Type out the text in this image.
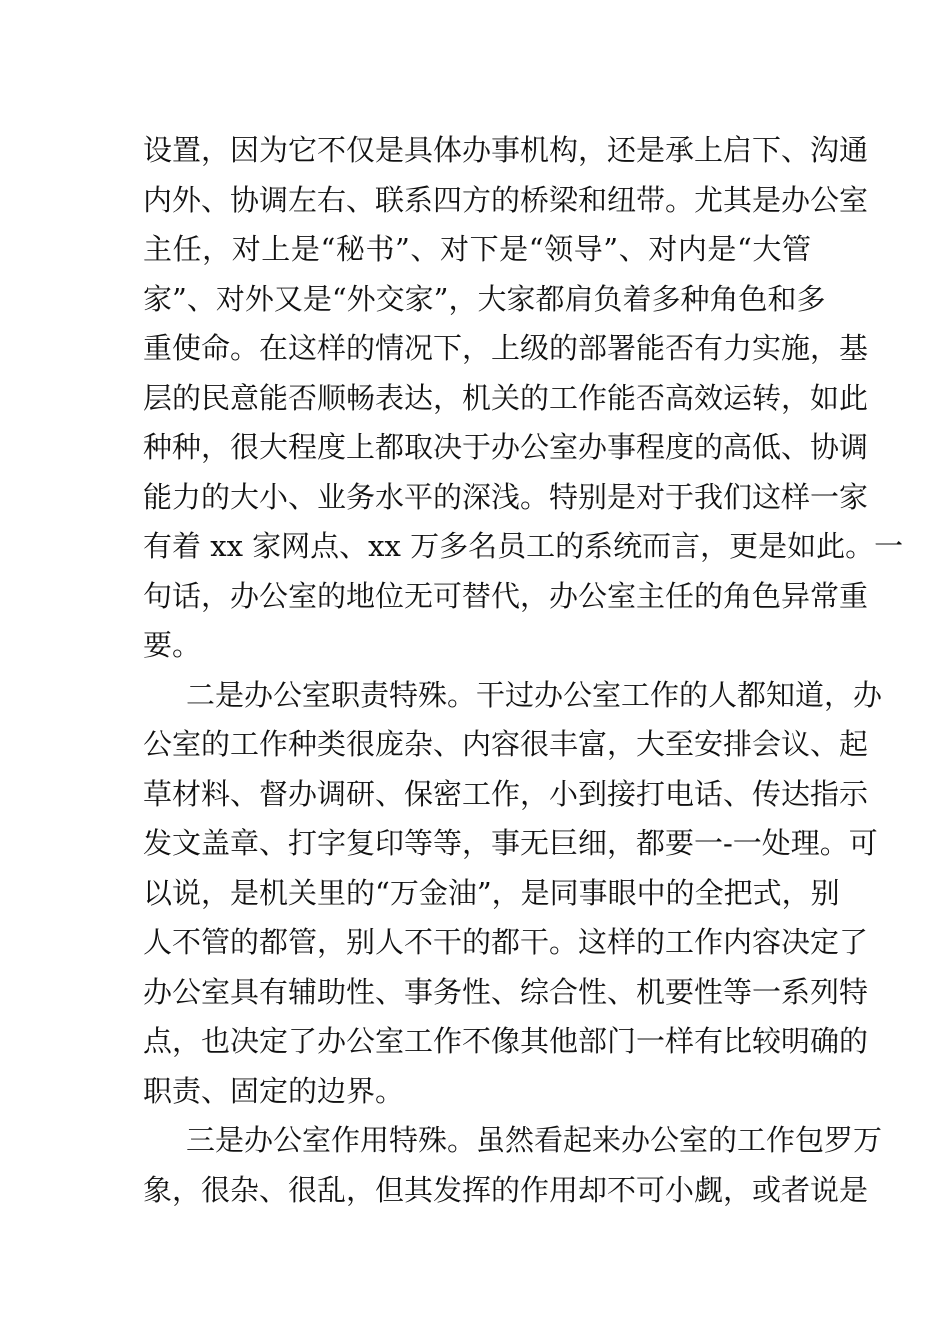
设置，因为它不仅是具体办事机构，还是承上启下、沟通
内外、协调左右、联系四方的桥梁和纽带。尤其是办公室
主任，对上是“秘书”、对下是“领导”、对内是“大管
家”、对外又是“外交家”，大家都肩负着多种角色和多
重使命。在这样的情况下，上级的部署能否有力实施，基
层的民意能否顺畅表达，机关的工作能否高效运转，如此
种种，很大程度上都取决于办公室办事程度的高低、协调
能力的大小、业务水平的深浅。特别是对于我们这样一家
有着 xx 家网点、xx 万多名员工的系统而言，更是如此。一
句话，办公室的地位无可替代，办公室主任的角色异常重
要。
二是办公室职责特殊。干过办公室工作的人都知道，办
公室的工作种类很庞杂、内容很丰富，大至安排会议、起
草材料、督办调研、保密工作，小到接打电话、传达指示
发文盖章、打字复印等等，事无巨细，都要一-一处理。可
以说，是机关里的“万金油”，是同事眼中的全把式，别
人不管的都管，别人不干的都干。这样的工作内容决定了
办公室具有辅助性、事务性、综合性、机要性等一系列特
点，也决定了办公室工作不像其他部门一样有比较明确的
职责、固定的边界。
三是办公室作用特殊。虽然看起来办公室的工作包罗万
象，很杂、很乱，但其发挥的作用却不可小觑，或者说是
